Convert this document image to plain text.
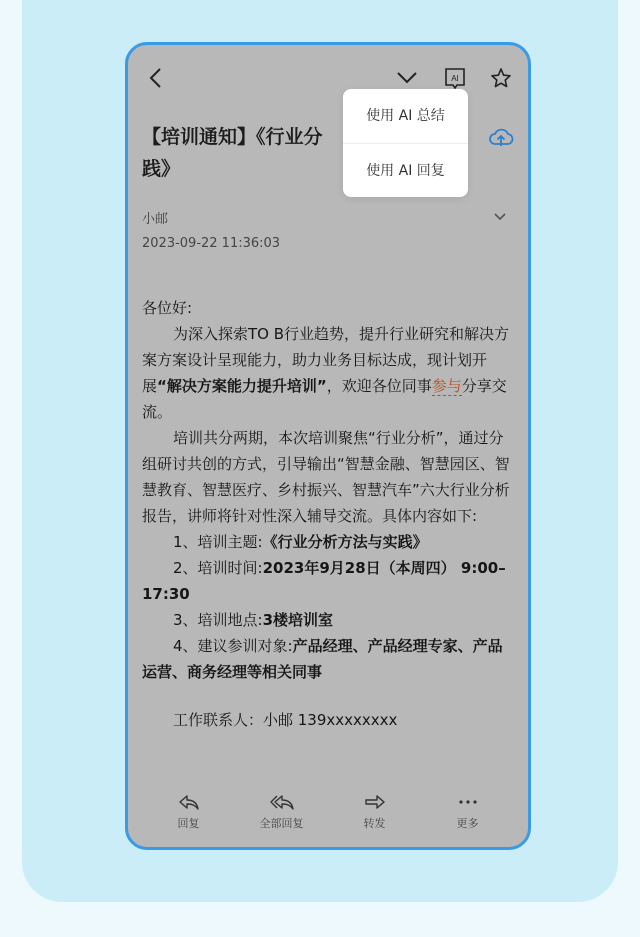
AI
使用 AI 总结
使用 AI 回复
【培训通知】《行业分
践》
小邮
2023-09-22 11:36:03

各位好:

为深入探索TO B行业趋势，提升行业研究和解决方案方案设计呈现能力，助力业务目标达成，现计划开展“解决方案能力提升培训”，欢迎各位同事参与分享交流。

培训共分两期，本次培训聚焦“行业分析”，通过分组研讨共创的方式，引导输出“智慧金融、智慧园区、智慧教育、智慧医疗、乡村振兴、智慧汽车”六大行业分析报告，讲师将针对性深入辅导交流。具体内容如下:

1、培训主题:《行业分析方法与实践》

2、培训时间:2023年9月28日（本周四） 9:00–17:30

3、培训地点:3楼培训室

4、建议参训对象:产品经理、产品经理专家、产品运营、商务经理等相关同事

工作联系人：小邮 139xxxxxxxx

回复	全部回复	转发	更多
